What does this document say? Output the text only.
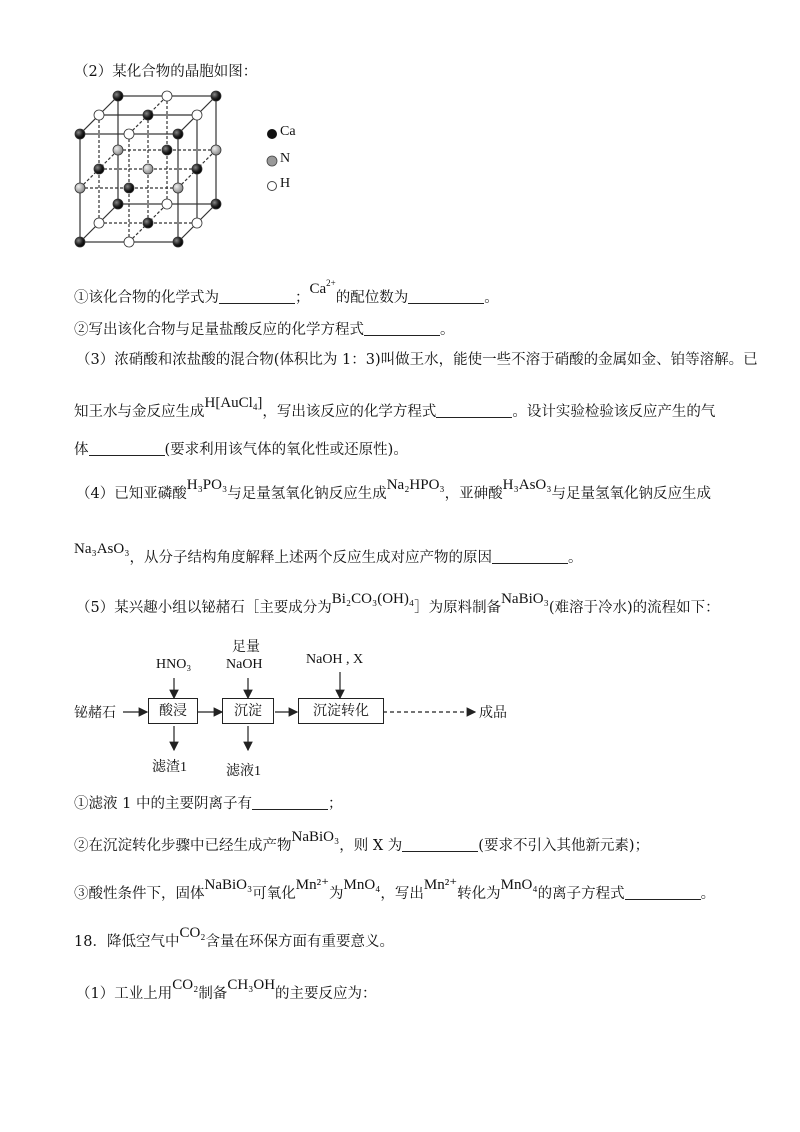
（2）某化合物的晶胞如图：
Ca
N
H
①该化合物的化学式为	；$Ca^{2+}$的配位数为	。
②写出该化合物与足量盐酸反应的化学方程式	。
（3）浓硝酸和浓盐酸的混合物(体积比为 1：3)叫做王水，能使一些不溶于硝酸的金属如金、铂等溶解。已
知王水与金反应生成H[AuCl$_4$]，写出该反应的化学方程式	。设计实验检验该反应产生的气
体	(要求利用该气体的氧化性或还原性)。
（4）已知亚磷酸H₃PO₃与足量氢氧化钠反应生成Na₂HPO₃，亚砷酸H₃AsO₃与足量氢氧化钠反应生成
Na₃AsO₃，从分子结构角度解释上述两个反应生成对应产物的原因	。
（5）某兴趣小组以铋赭石［主要成分为Bi₂CO₃(OH)₄］为原料制备NaBiO₃(难溶于冷水)的流程如下：
铋赭石	酸浸	沉淀	沉淀转化	成品
HNO₃
足量
NaOH	NaOH , X
滤渣1	滤液1
①滤液 1 中的主要阴离子有	；
②在沉淀转化步骤中已经生成产物NaBiO₃，则 X 为	(要求不引入其他新元素)；
③酸性条件下，固体NaBiO₃可氧化Mn²⁺为MnO₄，写出Mn²⁺转化为MnO₄的离子方程式	。
18．降低空气中CO₂含量在环保方面有重要意义。
（1）工业上用CO₂制备CH₃OH的主要反应为：
